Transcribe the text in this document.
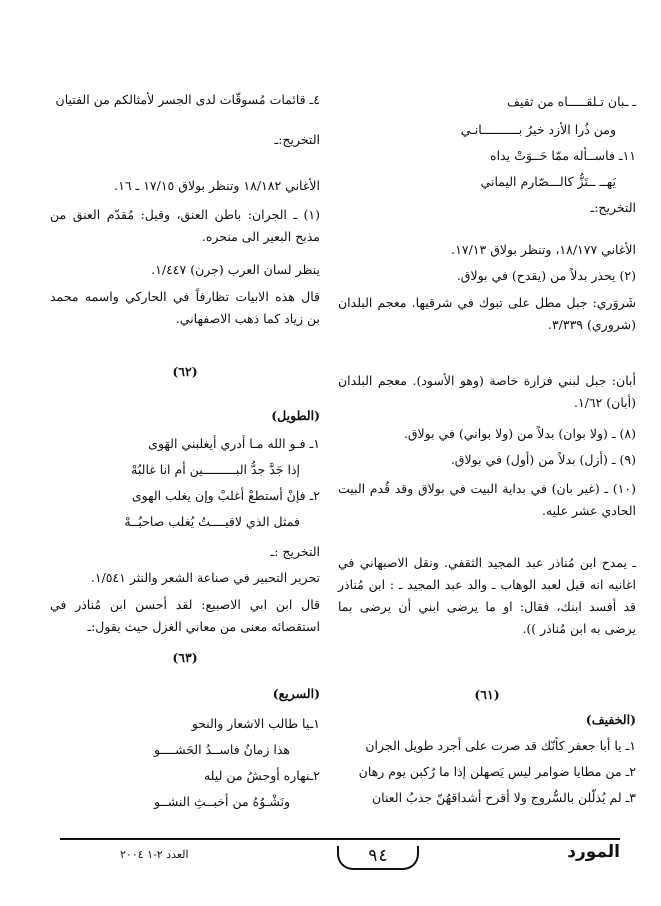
ـ ـبان تـلقـــــاه من ثقيف
ومن ذُرا الأزد خيرُ بــــــــــانـي
١١ـ فاســأله ممّا حَــوَتْ يداه
يَهــ ــتَزُّ كالـــصّارم اليماني
التخريج:ـ
الأغاني ١٨/١٧٧، وتنظر بولاق ١٧/١٣.
(٢) يحذر بدلاً من (يقدح) في بولاق.
شَروَري: جبل مطل على تبوك في شرقيها. معجم البلدان (شروري) ٣/٣٣٩.
أبان: جبل لبني فزارة خاصة (وهو الأسود). معجم البلدان (أبان) ١/٦٢.
(٨) ـ (ولا بوان) بدلاً من (ولا بواني) في بولاق.
(٩) ـ (أزل) بدلاً من (أول) في بولاق.
(١٠) ـ (غير بان) في بداية البيت في بولاق وقد قُدم البيت الحادي عشر عليه.
ـ يمدح ابن مُناذر عبد المجيد الثقفي. ونقل الاصبهاني في اغانيه انه قيل لعبد الوهاب ـ والد عبد المجيد ـ : ابن مُناذر قد أفسد ابنك، فقال: او ما يرضى ابني أن يرضى بما يرضى به ابن مُناذر )).
(٦١)
(الخفيف)
١ـ يا أبا جعفر كأنّك قد صرت على أجرد طويل الجران
٢ـ من مطايا ضوامر ليس يَصهلن إذا ما رُكبن يوم رهان
٣ـ لم يُذلّلن بالسُّروج ولا أقرح أشداقهُنّ جذبُ العنان
٤ـ قائمات مُسوقّات لدى الجسر لأمثالكم من الفتيان
التخريج:ـ
الأغاني ١٨/١٨٢ وتنظر بولاق ١٧/١٥ ـ ١٦.
(١) ـ الجران: باطن العنق، وقيل: مُقدّم العنق من مذبح البعير الى منحره.
ينظر لسان العرب (جرن) ١/٤٤٧.
قال هذه الابيات تظارفاً في الحاركي واسمه محمد بن زياد كما ذهب الاصفهاني.
(٦٢)
(الطويل)
١ـ فـو الله مـا أدري أيغلبني الهَوى
إذا جَدَّ جدُّ البـــــــــين أم انا غالبُهْ
٢ـ فإنْ أستطعْ أغلبْ وإن يغلب الهوى
فمثل الذي لاقيــــتُ يُغلب صاحبُــهْ
التخريج :ـ
تحرير التحبير في صناعة الشعر والنثر ١/٥٤١.
قال ابن ابي الاصبيع: لقد أحسن ابن مُناذر في استقصائه معنى من معاني الغزل حيث يقول:ـ
(٦٣)
(السريع)
١ـيا طالب الاشعار والنحو
هذا زمانٌ فاســدُ الحَشــــو
٢ـنهاره أوحشُ من ليله
ونَشْـوُهُ من أخبــثِ النشــو
العدد ٢-١ ٢٠٠٤	٩٤	المورد
